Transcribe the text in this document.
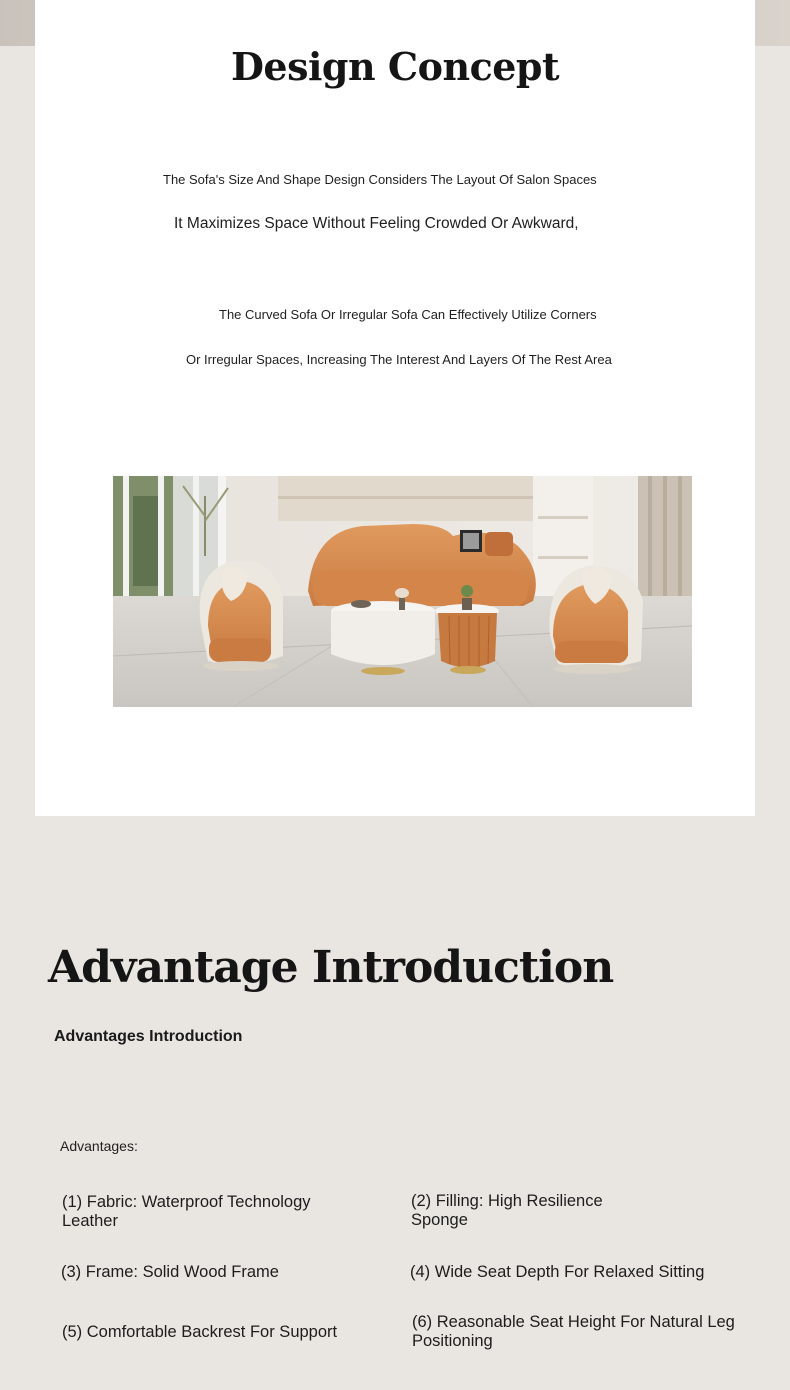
Design Concept

The Sofa's Size And Shape Design Considers The Layout Of Salon Spaces

It Maximizes Space Without Feeling Crowded Or Awkward,

The Curved Sofa Or Irregular Sofa Can Effectively Utilize Corners

Or Irregular Spaces, Increasing The Interest And Layers Of The Rest Area

Advantage Introduction
Advantages Introduction
Advantages:
(1) Fabric: Waterproof Technology Leather
(2) Filling: High Resilience Sponge
(3) Frame: Solid Wood Frame	(4) Wide Seat Depth For Relaxed Sitting
(5) Comfortable Backrest For Support
(6) Reasonable Seat Height For Natural Leg Positioning
